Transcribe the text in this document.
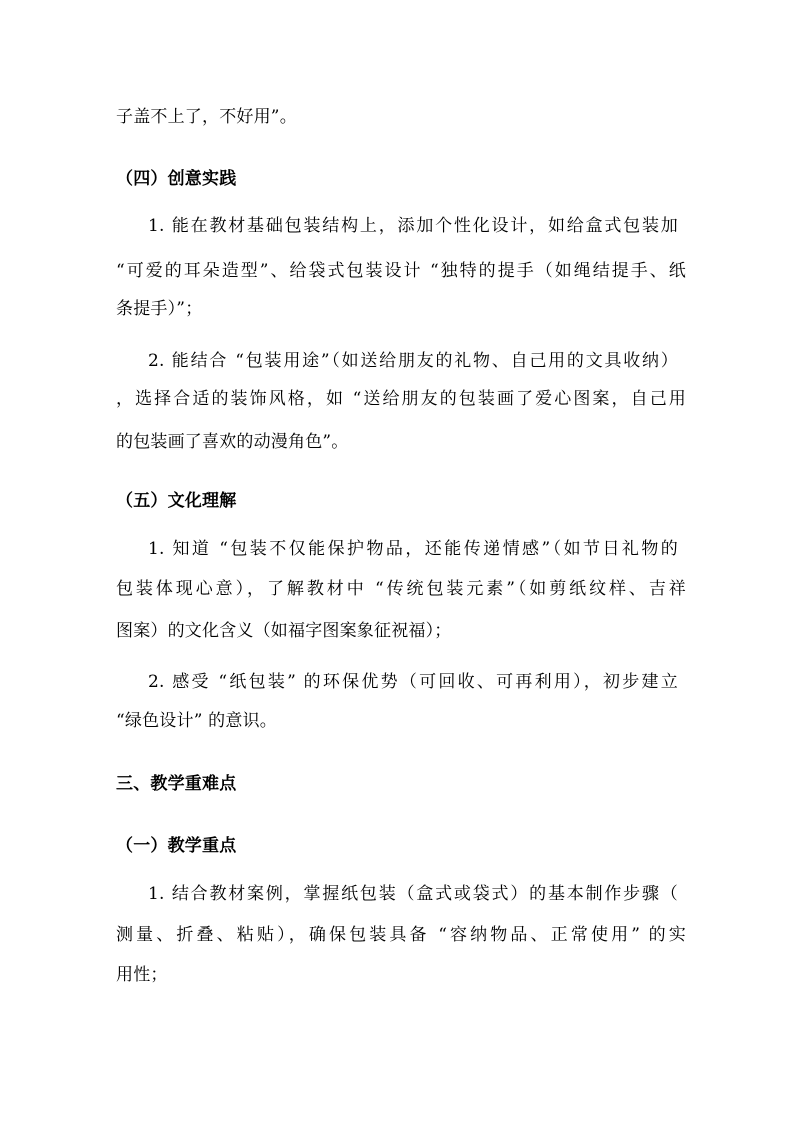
子盖不上了，不好用”。
（四）创意实践
1. 能在教材基础包装结构上，添加个性化设计，如给盒式包装加
“可爱的耳朵造型”、给袋式包装设计 “独特的提手（如绳结提手、纸
条提手）”；
2. 能结合 “包装用途”（如送给朋友的礼物、自己用的文具收纳）
，选择合适的装饰风格，如 “送给朋友的包装画了爱心图案，自己用
的包装画了喜欢的动漫角色”。
（五）文化理解
1. 知道 “包装不仅能保护物品，还能传递情感”（如节日礼物的
包装体现心意），了解教材中 “传统包装元素”（如剪纸纹样、吉祥
图案）的文化含义（如福字图案象征祝福）；
2. 感受 “纸包装” 的环保优势（可回收、可再利用），初步建立
“绿色设计” 的意识。
三、教学重难点
（一）教学重点
1. 结合教材案例，掌握纸包装（盒式或袋式）的基本制作步骤（
测量、折叠、粘贴），确保包装具备 “容纳物品、正常使用” 的实
用性；
